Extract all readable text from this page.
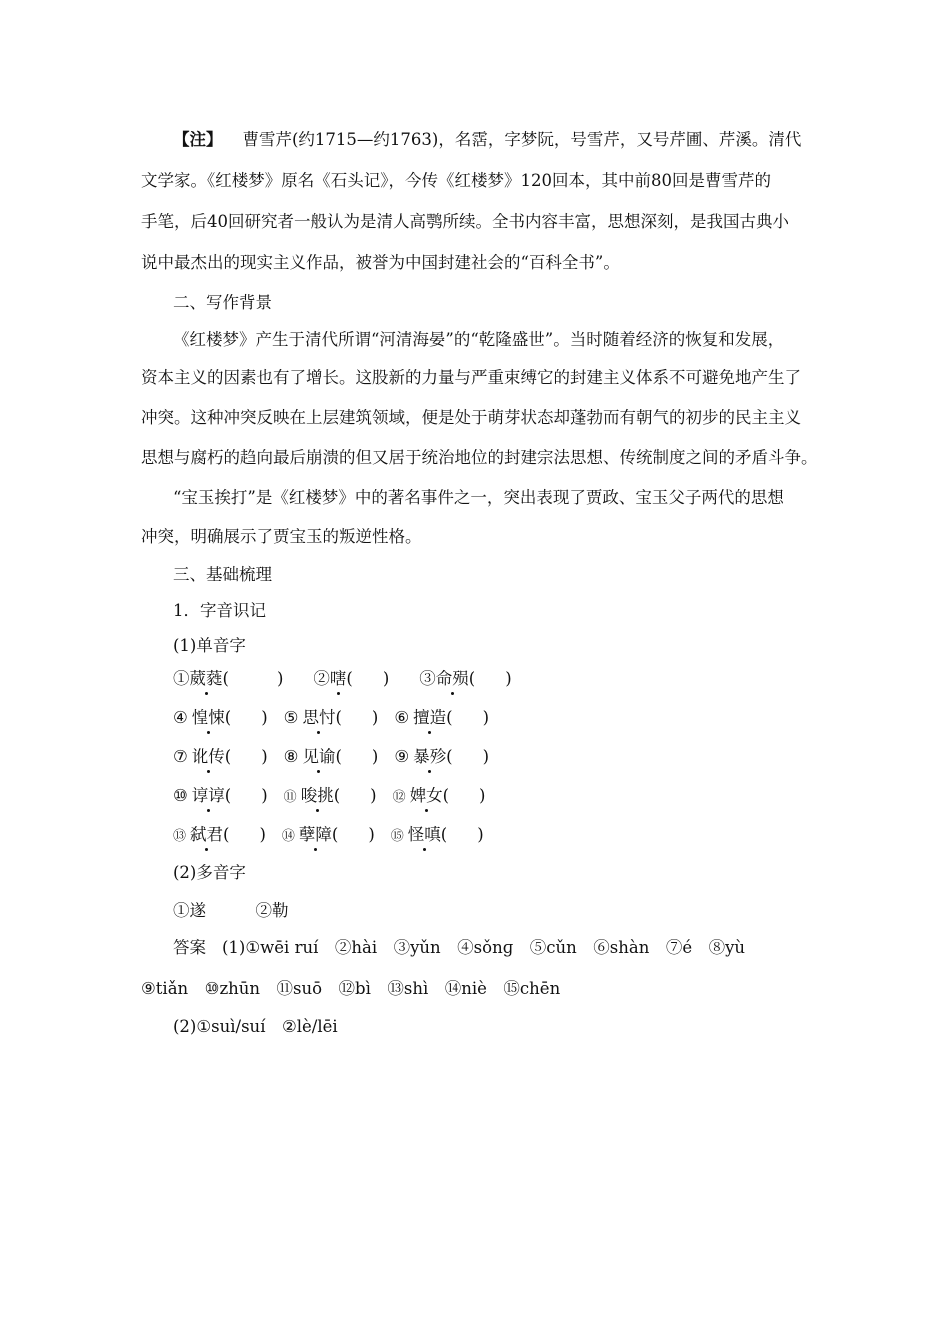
【注】 曹雪芹(约1715—约1763)，名霑，字梦阮，号雪芹，又号芹圃、芹溪。清代
文学家。《红楼梦》原名《石头记》，今传《红楼梦》120回本，其中前80回是曹雪芹的
手笔，后40回研究者一般认为是清人高鹗所续。全书内容丰富，思想深刻，是我国古典小
说中最杰出的现实主义作品，被誉为中国封建社会的“百科全书”。
二、写作背景
《红楼梦》产生于清代所谓“河清海晏”的“乾隆盛世”。当时随着经济的恢复和发展，
资本主义的因素也有了增长。这股新的力量与严重束缚它的封建主义体系不可避免地产生了
冲突。这种冲突反映在上层建筑领域，便是处于萌芽状态却蓬勃而有朝气的初步的民主主义
思想与腐朽的趋向最后崩溃的但又居于统治地位的封建宗法思想、传统制度之间的矛盾斗争。
“宝玉挨打”是《红楼梦》中的著名事件之一，突出表现了贾政、宝玉父子两代的思想
冲突，明确展示了贾宝玉的叛逆性格。
三、基础梳理
1．字音识记
(1)单音字
①葳蕤(	) ②嗐( ) ③命殒( )
④ 惶悚( ) ⑤ 思忖( ) ⑥ 擅造( )
⑦ 讹传( ) ⑧ 见谕( ) ⑨ 暴殄( )
⑩ 谆谆( ) ⑪ 唆挑( ) ⑫ 婢女( )
⑬ 弑君( ) ⑭ 孽障( ) ⑮ 怪嗔( )
(2)多音字
①遂　　　②勒
答案 (1)①wēi ruí　②hài　③yǔn　④sǒnɡ　⑤cǔn　⑥shàn　⑦é　⑧yù
⑨tiǎn　⑩zhūn　⑪suō　⑫bì　⑬shì　⑭niè　⑮chēn
(2)①suì/suí　②lè/lēi
